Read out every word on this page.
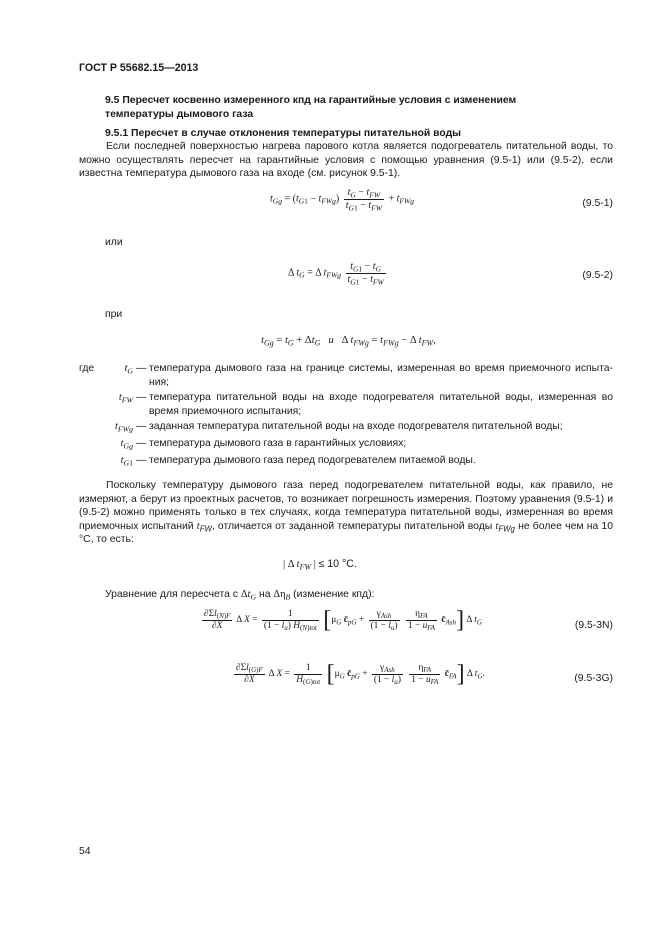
ГОСТ Р 55682.15—2013
9.5 Пересчет косвенно измеренного кпд на гарантийные условия с изменением температуры дымового газа
9.5.1 Пересчет в случае отклонения температуры питательной воды
Если последней поверхностью нагрева парового котла является подогреватель питательной воды, то можно осуществлять пересчет на гарантийные условия с помощью уравнения (9.5-1) или (9.5-2), если известна температура дымового газа на входе (см. рисунок 9.5-1).
$t_{Gg} = (t_{G1} - t_{FWg}) \frac{t_G - t_{FW}}{t_{G1} - t_{FW}} + t_{FWg}$	(9.5-1)
или
Δ $t_G = \Delta$ $t_{FWg} \frac{t_{G1} - t_G}{t_{G1} - t_{FW}}$	(9.5-2)
при
$t_{Gg} = t_G + \Delta t_G$ и   Δ $t_{FWg} = t_{FWg} - \Delta$ $t_{FW}$,
где	$t_G$ — температура дымового газа на границе системы, измеренная во время приемочного испыта-ния;
$t_{FW}$ — температура питательной воды на входе подогревателя питательной воды, измеренная во время приемочного испытания;
$t_{FWg}$ — заданная температура питательной воды на входе подогревателя питательной воды;
$t_{Gg}$ — температура дымового газа в гарантийных условиях;
$t_{G1}$ — температура дымового газа перед подогревателем питаемой воды.
Поскольку температуру дымового газа перед подогревателем питательной воды, как правило, не измеряют, а берут из проектных расчетов, то возникает погрешность измерения. Поэтому уравнения (9.5-1) и (9.5-2) можно применять только в тех случаях, когда температура питательной воды, измеренная во время приемочных испытаний $t_{FW}$, отличается от заданной температуры питательной воды $t_{FWg}$ не более чем на 10 °С, то есть:
| Δ $t_{FW}$ | ≤ 10 °С.
Уравнение для пересчета с $\Delta t_G$ на $\Delta\eta_B$ (изменение кпд):
$\frac{\partial\Sigma l_{(N)F}}{\partial X}$ Δ $X = \frac{1}{(1 - l_u) H_{(N)tot}} [\mu_G$ $c̄_{pG} + \frac{\gamma_{Ash}}{(1 - l_u)}$
$\frac{\eta_{FA}}{1 - u_{FA}}$ $c̄_{Ash}$] Δ $t_G$	(9.5-3N)
$\frac{\partial\Sigma l_{(G)F}}{\partial X}$ Δ $X = \frac{1}{H_{(G)tot}} [\mu_G$ $c̄_{pG} + \frac{\gamma_{Ash}}{(1 - l_u)}$
$\frac{\eta_{FA}}{1 - u_{FA}}$ $c̄_{FA}$] Δ $t_G$.	(9.5-3G)
54
